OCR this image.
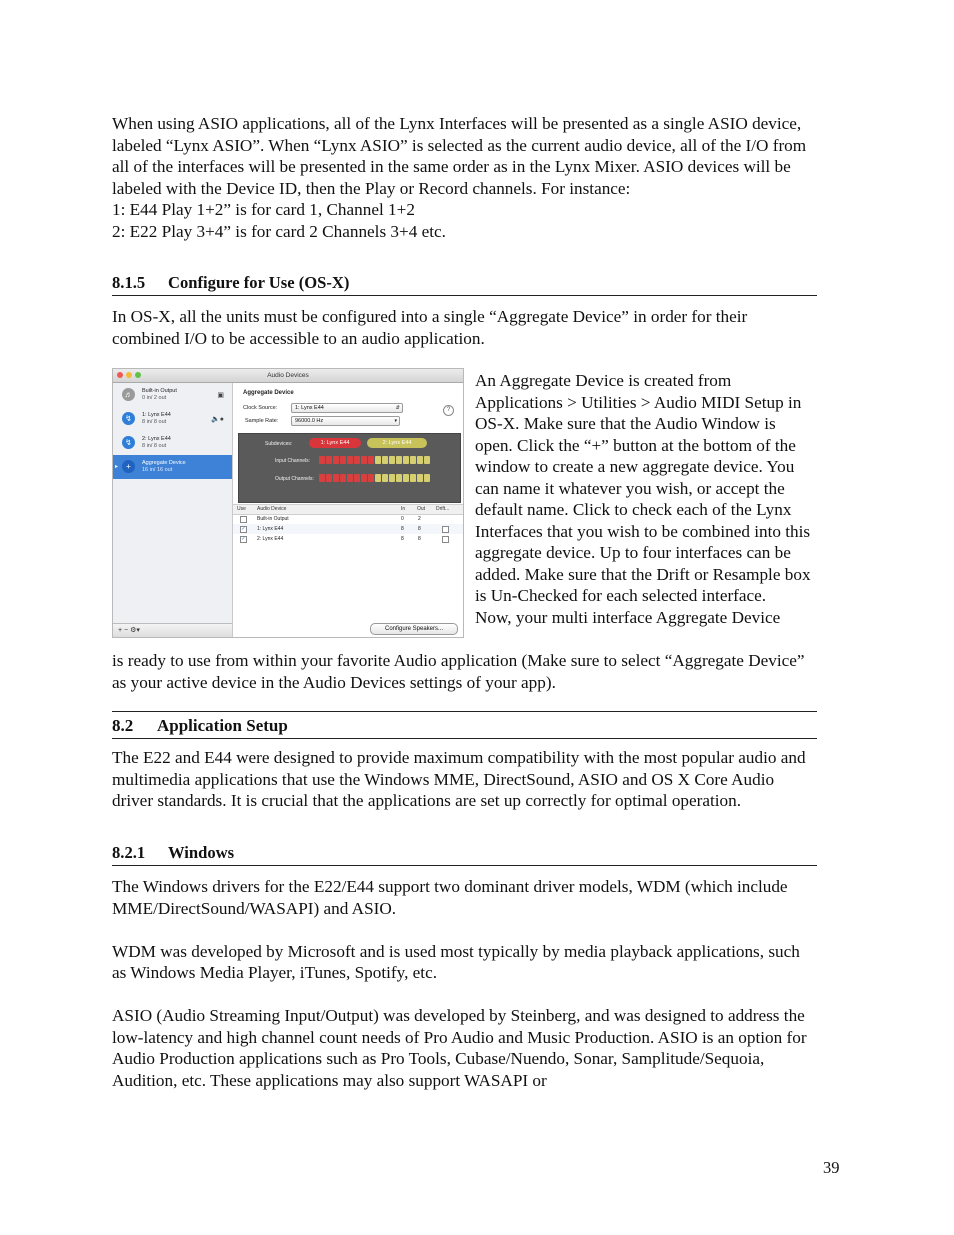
When using ASIO applications, all of the Lynx Interfaces will be presented as a single ASIO device, labeled “Lynx ASIO”. When “Lynx ASIO” is selected as the current audio device, all of the I/O from all of the interfaces will be presented in the same order as in the Lynx Mixer. ASIO devices will be labeled with the Device ID, then the Play or Record channels. For instance:

1: E44 Play 1+2” is for card 1, Channel 1+2

2: E22 Play 3+4” is for card 2 Channels 3+4 etc.

8.1.5 Configure for Use (OS-X)

In OS-X, all the units must be configured into a single “Aggregate Device” in order for their combined I/O to be accessible to an audio application.

An Aggregate Device is created from Applications > Utilities > Audio MIDI Setup in OS-X. Make sure that the Audio Window is open. Click the “+” button at the bottom of the window to create a new aggregate device. You can name it whatever you wish, or accept the default name. Click to check each of the Lynx Interfaces that you wish to be combined into this aggregate device. Up to four interfaces can be added. Make sure that the Drift or Resample box is Un-Checked for each selected interface.

Now, your multi interface Aggregate Device

is ready to use from within your favorite Audio application (Make sure to select “Aggregate Device” as your active device in the Audio Devices settings of your app).

Audio Devices
♬	Built-in Output
0 in/ 2 out	▣
↯	1: Lynx E44
8 in/ 8 out	🔈●
↯	2: Lynx E44
8 in/ 8 out
▸	+	Aggregate Device
16 in/ 16 out
+ − ⚙▾
Aggregate Device
?
Clock Source:	1: Lynx E44	⇵
Sample Rate:	96000.0 Hz	▾
Subdevices:	1: Lynx E44	2: Lynx E44
Input Channels:
Output Channels:
Use Audio Device	In Out Drift...
Built-in Output	0	2
✓ 1: Lynx E44	8	8
✓ 2: Lynx E44	8	8
Configure Speakers...
8.2 Application Setup

The E22 and E44 were designed to provide maximum compatibility with the most popular audio and multimedia applications that use the Windows MME, DirectSound, ASIO and OS X Core Audio driver standards. It is crucial that the applications are set up correctly for optimal operation.

8.2.1 Windows

The Windows drivers for the E22/E44 support two dominant driver models, WDM (which include MME/DirectSound/WASAPI) and ASIO.

WDM was developed by Microsoft and is used most typically by media playback applications, such as Windows Media Player, iTunes, Spotify, etc.

ASIO (Audio Streaming Input/Output) was developed by Steinberg, and was designed to address the low-latency and high channel count needs of Pro Audio and Music Production. ASIO is an option for Audio Production applications such as Pro Tools, Cubase/Nuendo, Sonar, Samplitude/Sequoia, Audition, etc. These applications may also support WASAPI or

39
